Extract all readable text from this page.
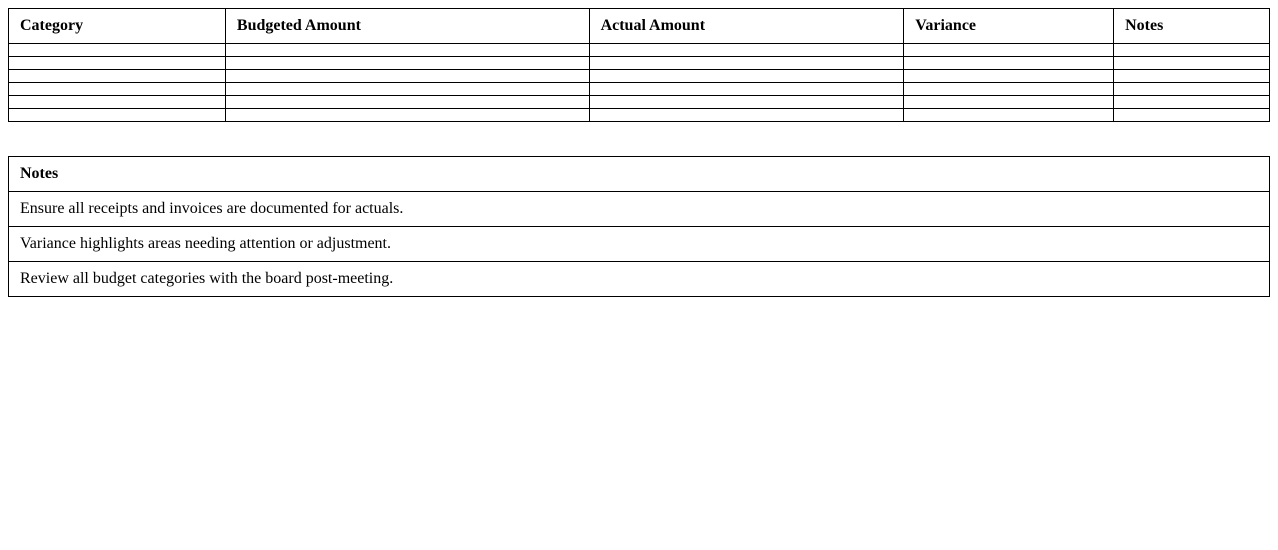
Category	Budgeted Amount	Actual Amount	Variance	Notes

Notes
Ensure all receipts and invoices are documented for actuals.
Variance highlights areas needing attention or adjustment.
Review all budget categories with the board post-meeting.
